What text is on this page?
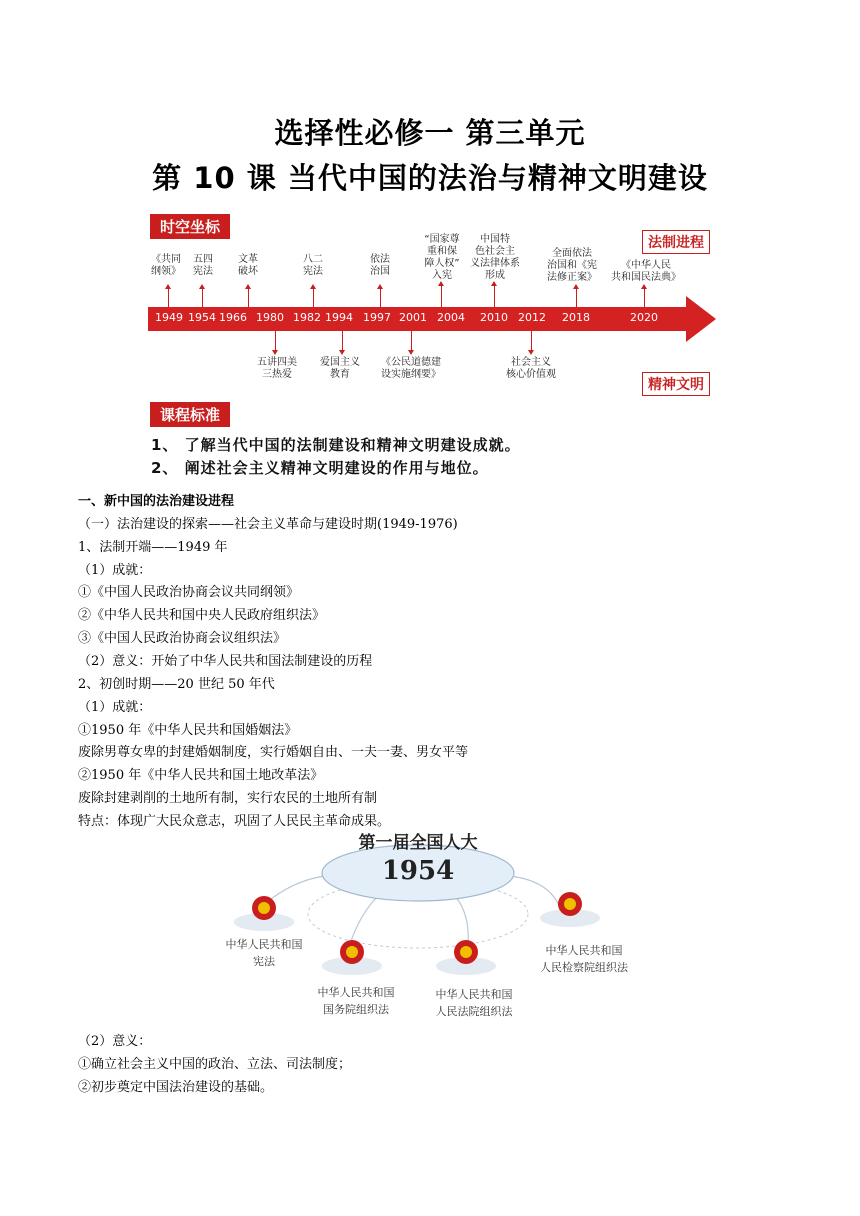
选择性必修一 第三单元
第 10 课 当代中国的法治与精神文明建设
时空坐标
法制进程
精神文明
课程标准
1949 1954 1966 1980 1982 1994 1997 2001 2004 2010 2012 2018	2020
《共同
纲领》
五四
宪法
文革
破坏
八二
宪法
依法
治国
“国家尊
重和保
障人权”
入宪
中国特
色社会主
义法律体系
形成
全面依法
治国和《宪
法修正案》
《中华人民
共和国民法典》
五讲四美
三热爱
爱国主义
教育
《公民道德建
设实施纲要》
社会主义
核心价值观
1、 了解当代中国的法制建设和精神文明建设成就。
2、 阐述社会主义精神文明建设的作用与地位。
一、新中国的法治建设进程
（一）法治建设的探索——社会主义革命与建设时期(1949-1976)
1、法制开端——1949 年
（1）成就：
①《中国人民政治协商会议共同纲领》
②《中华人民共和国中央人民政府组织法》
③《中国人民政治协商会议组织法》
（2）意义：开始了中华人民共和国法制建设的历程
2、初创时期——20 世纪 50 年代
（1）成就：
①1950 年《中华人民共和国婚姻法》
废除男尊女卑的封建婚姻制度，实行婚姻自由、一夫一妻、男女平等
②1950 年《中华人民共和国土地改革法》
废除封建剥削的土地所有制，实行农民的土地所有制
特点：体现广大民众意志，巩固了人民民主革命成果。
第一届全国人大
1954
中华人民共和国
宪法
中华人民共和国
国务院组织法
中华人民共和国
人民法院组织法
中华人民共和国
人民检察院组织法
（2）意义：
①确立社会主义中国的政治、立法、司法制度；
②初步奠定中国法治建设的基础。
